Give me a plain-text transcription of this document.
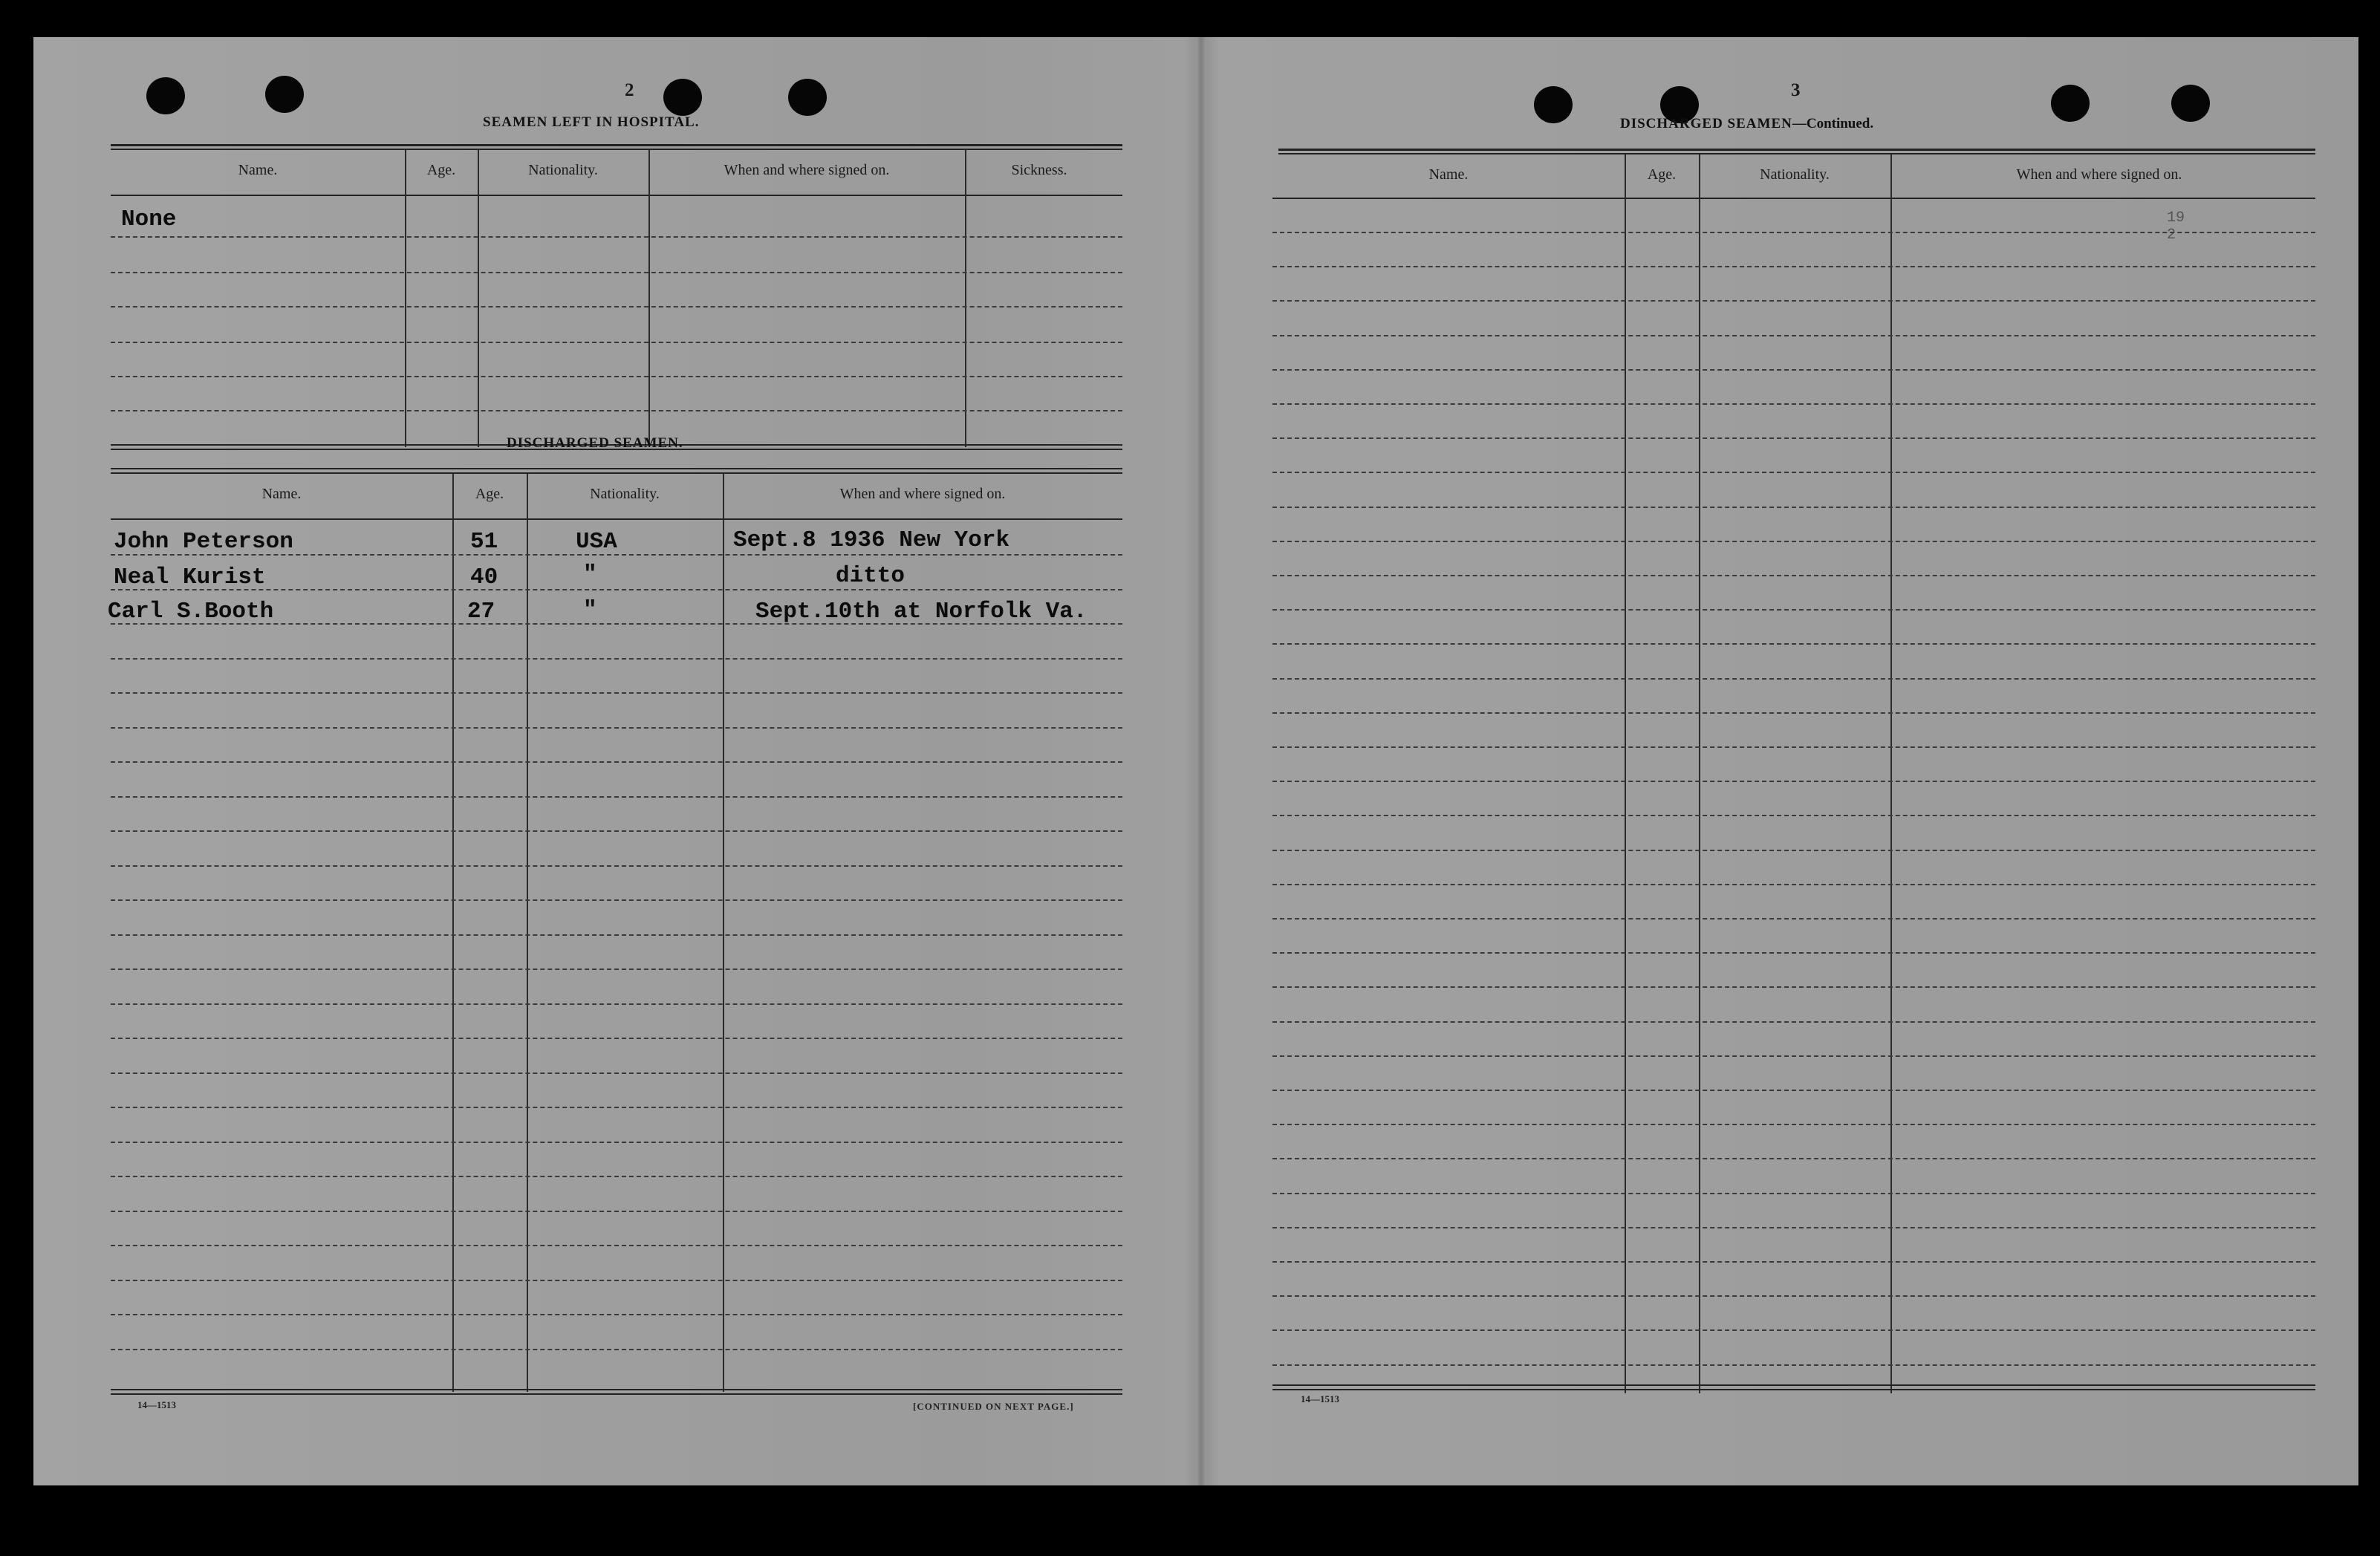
2
SEAMEN LEFT IN HOSPITAL.
Name.	Age.	Nationality.	When and where signed on.	Sickness.
None
DISCHARGED SEAMEN.
Name.	Age.	Nationality.	When and where signed on.
John Peterson	51	USA	Sept.8 1936 New York
Neal Kurist	40	"	ditto
Carl S.Booth	27	"	Sept.10th at Norfolk Va.
14—1513	[CONTINUED ON NEXT PAGE.]
3
DISCHARGED SEAMEN—Continued.
Name.	Age.	Nationality.	When and where signed on.
19 2
14—1513
